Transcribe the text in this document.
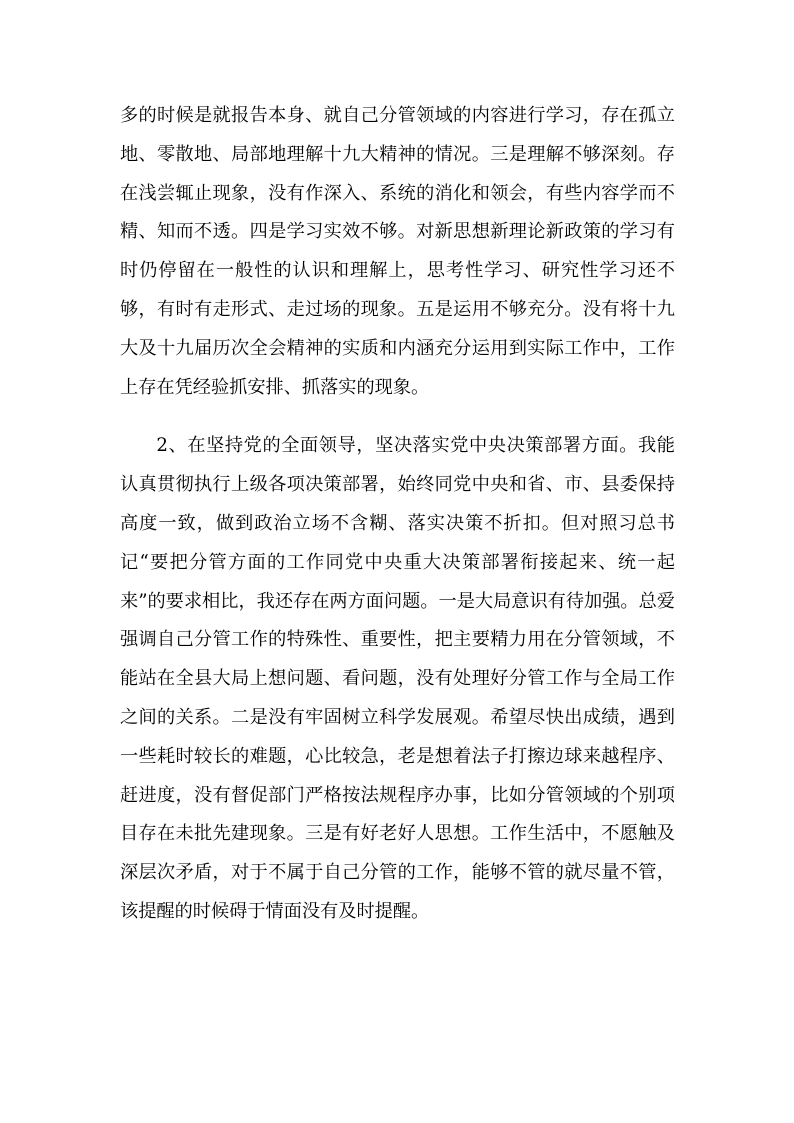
多的时候是就报告本身、就自己分管领域的内容进行学习，存在孤立地、零散地、局部地理解十九大精神的情况。三是理解不够深刻。存在浅尝辄止现象，没有作深入、系统的消化和领会，有些内容学而不精、知而不透。四是学习实效不够。对新思想新理论新政策的学习有时仍停留在一般性的认识和理解上，思考性学习、研究性学习还不够，有时有走形式、走过场的现象。五是运用不够充分。没有将十九大及十九届历次全会精神的实质和内涵充分运用到实际工作中，工作上存在凭经验抓安排、抓落实的现象。

2、在坚持党的全面领导，坚决落实党中央决策部署方面。我能认真贯彻执行上级各项决策部署，始终同党中央和省、市、县委保持高度一致，做到政治立场不含糊、落实决策不折扣。但对照习总书记“要把分管方面的工作同党中央重大决策部署衔接起来、统一起来”的要求相比，我还存在两方面问题。一是大局意识有待加强。总爱强调自己分管工作的特殊性、重要性，把主要精力用在分管领域，不能站在全县大局上想问题、看问题，没有处理好分管工作与全局工作之间的关系。二是没有牢固树立科学发展观。希望尽快出成绩，遇到一些耗时较长的难题，心比较急，老是想着法子打擦边球来越程序、赶进度，没有督促部门严格按法规程序办事，比如分管领域的个别项目存在未批先建现象。三是有好老好人思想。工作生活中，不愿触及深层次矛盾，对于不属于自己分管的工作，能够不管的就尽量不管，该提醒的时候碍于情面没有及时提醒。
